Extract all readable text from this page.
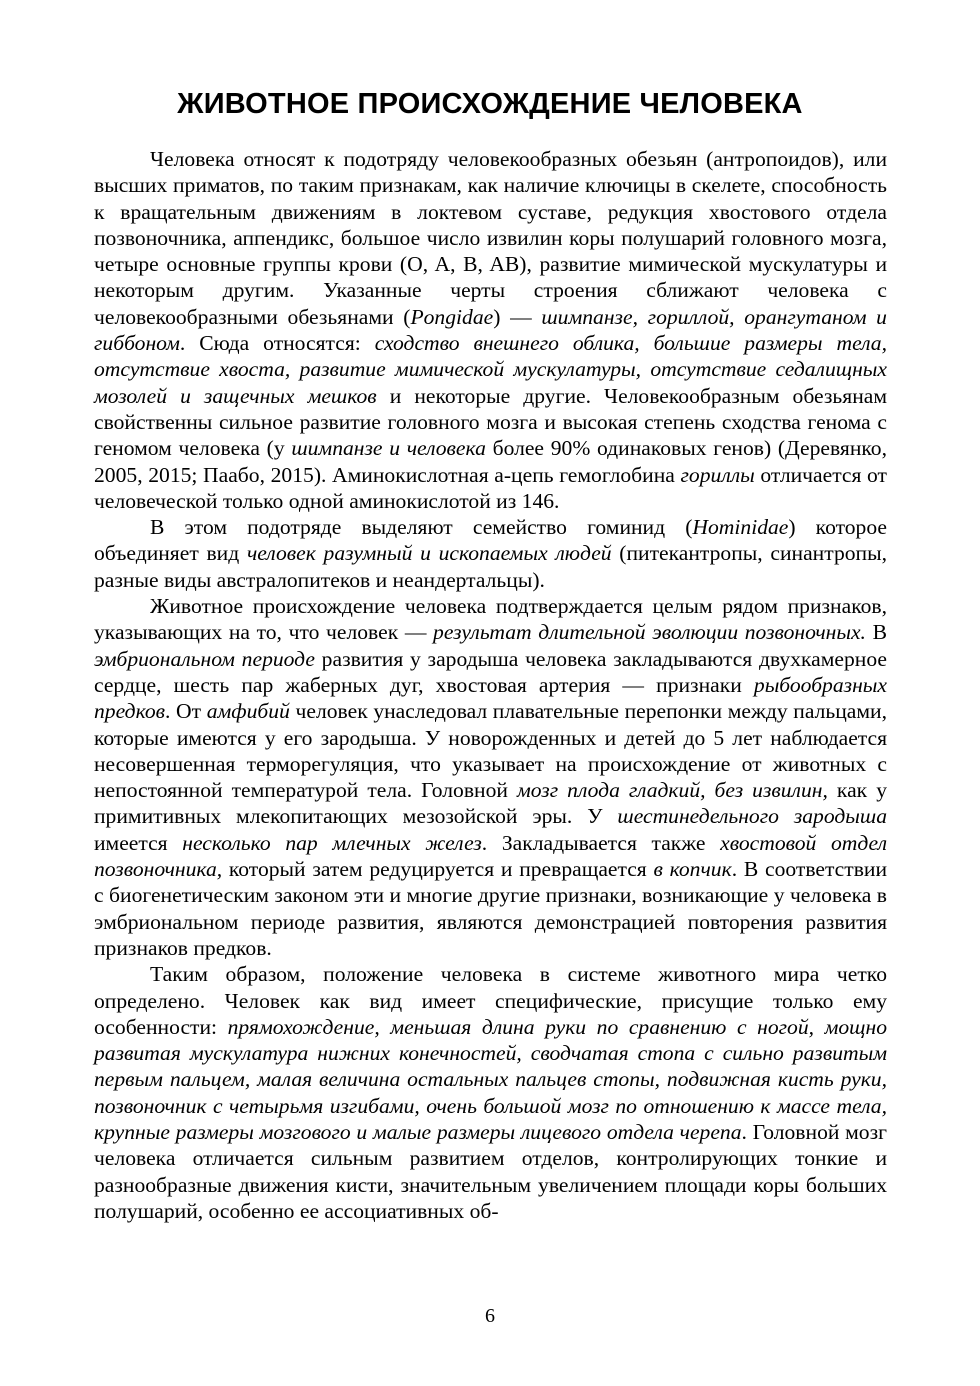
ЖИВОТНОЕ ПРОИСХОЖДЕНИЕ ЧЕЛОВЕКА

Человека относят к подотряду человекообразных обезьян (антропоидов), или высших приматов, по таким признакам, как наличие ключицы в скелете, способность к вращательным движениям в локтевом суставе, редукция хвостового отдела позвоночника, аппендикс, большое число извилин коры полушарий головного мозга, четыре основные группы крови (O, A, B, AB), развитие мимической мускулатуры и некоторым другим. Указанные черты строения сближают человека с человекообразными обезьянами (Pongidae) — шимпанзе, гориллой, орангутаном и гиббоном. Сюда относятся: сходство внешнего облика, большие размеры тела, отсутствие хвоста, развитие мимической мускулатуры, отсутствие седалищных мозолей и защечных мешков и некоторые другие. Человекообразным обезьянам свойственны сильное развитие головного мозга и высокая степень сходства генома с геномом человека (у шимпанзе и человека более 90% одинаковых генов) (Деревянко, 2005, 2015; Паабо, 2015). Аминокислотная a-цепь гемоглобина гориллы отличается от человеческой только одной аминокислотой из 146.

В этом подотряде выделяют семейство гоминид (Hominidae) которое объединяет вид человек разумный и ископаемых людей (питекантропы, синантропы, разные виды австралопитеков и неандертальцы).

Животное происхождение человека подтверждается целым рядом признаков, указывающих на то, что человек — результат длительной эволюции позвоночных. В эмбриональном периоде развития у зародыша человека закладываются двухкамерное сердце, шесть пар жаберных дуг, хвостовая артерия — признаки рыбообразных предков. От амфибий человек унаследовал плавательные перепонки между пальцами, которые имеются у его зародыша. У новорожденных и детей до 5 лет наблюдается несовершенная терморегуляция, что указывает на происхождение от животных с непостоянной температурой тела. Головной мозг плода гладкий, без извилин, как у примитивных млекопитающих мезозойской эры. У шестинедельного зародыша имеется несколько пар млечных желез. Закладывается также хвостовой отдел позвоночника, который затем редуцируется и превращается в копчик. В соответствии с биогенетическим законом эти и многие другие признаки, возникающие у человека в эмбриональном периоде развития, являются демонстрацией повторения развития признаков предков.

Таким образом, положение человека в системе животного мира четко определено. Человек как вид имеет специфические, присущие только ему особенности: прямохождение, меньшая длина руки по сравнению с ногой, мощно развитая мускулатура нижних конечностей, сводчатая стопа с сильно развитым первым пальцем, малая величина остальных пальцев стопы, подвижная кисть руки, позвоночник с четырьмя изгибами, очень большой мозг по отношению к массе тела, крупные размеры мозгового и малые размеры лицевого отдела черепа. Головной мозг человека отличается сильным развитием отделов, контролирующих тонкие и разнообразные движения кисти, значительным увеличением площади коры больших полушарий, особенно ее ассоциативных об-

6
